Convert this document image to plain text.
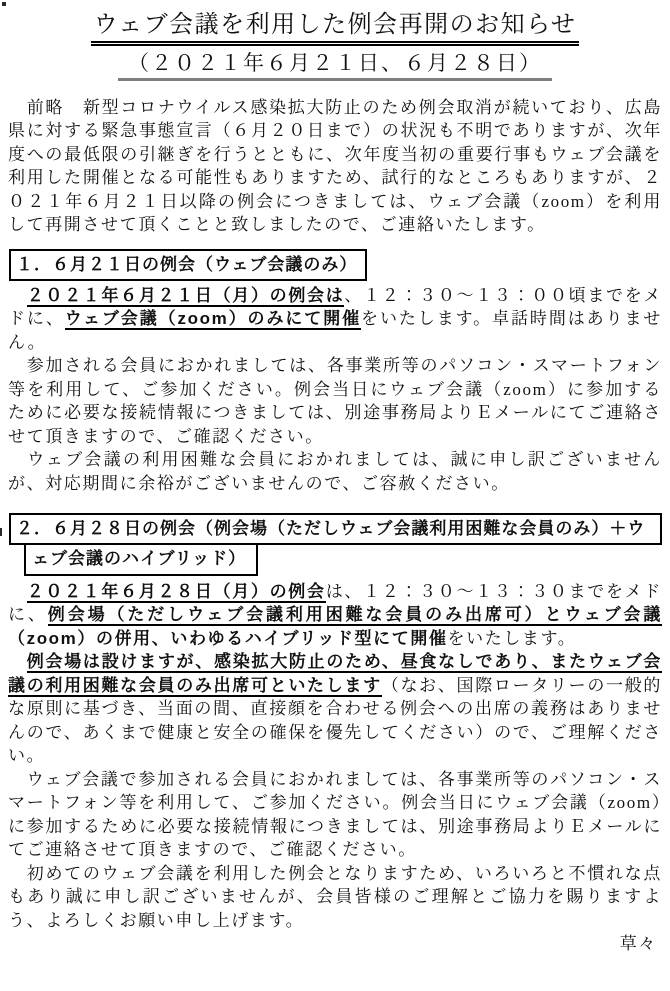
ウェブ会議を利用した例会再開のお知らせ
（２０２１年６月２１日、６月２８日）

　前略　新型コロナウイルス感染拡大防止のため例会取消が続いており、広島県に対する緊急事態宣言（６月２０日まで）の状況も不明でありますが、次年度への最低限の引継ぎを行うとともに、次年度当初の重要行事もウェブ会議を利用した開催となる可能性もありますため、試行的なところもありますが、２０２１年６月２１日以降の例会につきましては、ウェブ会議（zoom）を利用して再開させて頂くことと致しましたので、ご連絡いたします。

１．６月２１日の例会（ウェブ会議のみ）

　２０２１年６月２１日（月）の例会は、１２：３０～１３：００頃までをメドに、ウェブ会議（zoom）のみにて開催をいたします。卓話時間はありません。

　参加される会員におかれましては、各事業所等のパソコン・スマートフォン等を利用して、ご参加ください。例会当日にウェブ会議（zoom）に参加するために必要な接続情報につきましては、別途事務局よりＥメールにてご連絡させて頂きますので、ご確認ください。

　ウェブ会議の利用困難な会員におかれましては、誠に申し訳ございませんが、対応期間に余裕がございませんので、ご容赦ください。

２．６月２８日の例会（例会場（ただしウェブ会議利用困難な会員のみ）＋ウ
ェブ会議のハイブリッド）

　２０２１年６月２８日（月）の例会は、１２：３０～１３：３０までをメドに、例会場（ただしウェブ会議利用困難な会員のみ出席可）とウェブ会議（zoom）の併用、いわゆるハイブリッド型にて開催をいたします。

　例会場は設けますが、感染拡大防止のため、昼食なしであり、またウェブ会議の利用困難な会員のみ出席可といたします（なお、国際ロータリーの一般的な原則に基づき、当面の間、直接顔を合わせる例会への出席の義務はありませんので、あくまで健康と安全の確保を優先してください）ので、ご理解ください。

　ウェブ会議で参加される会員におかれましては、各事業所等のパソコン・スマートフォン等を利用して、ご参加ください。例会当日にウェブ会議（zoom）に参加するために必要な接続情報につきましては、別途事務局よりＥメールにてご連絡させて頂きますので、ご確認ください。

　初めてのウェブ会議を利用した例会となりますため、いろいろと不慣れな点もあり誠に申し訳ございませんが、会員皆様のご理解とご協力を賜りますよう、よろしくお願い申し上げます。

草々
